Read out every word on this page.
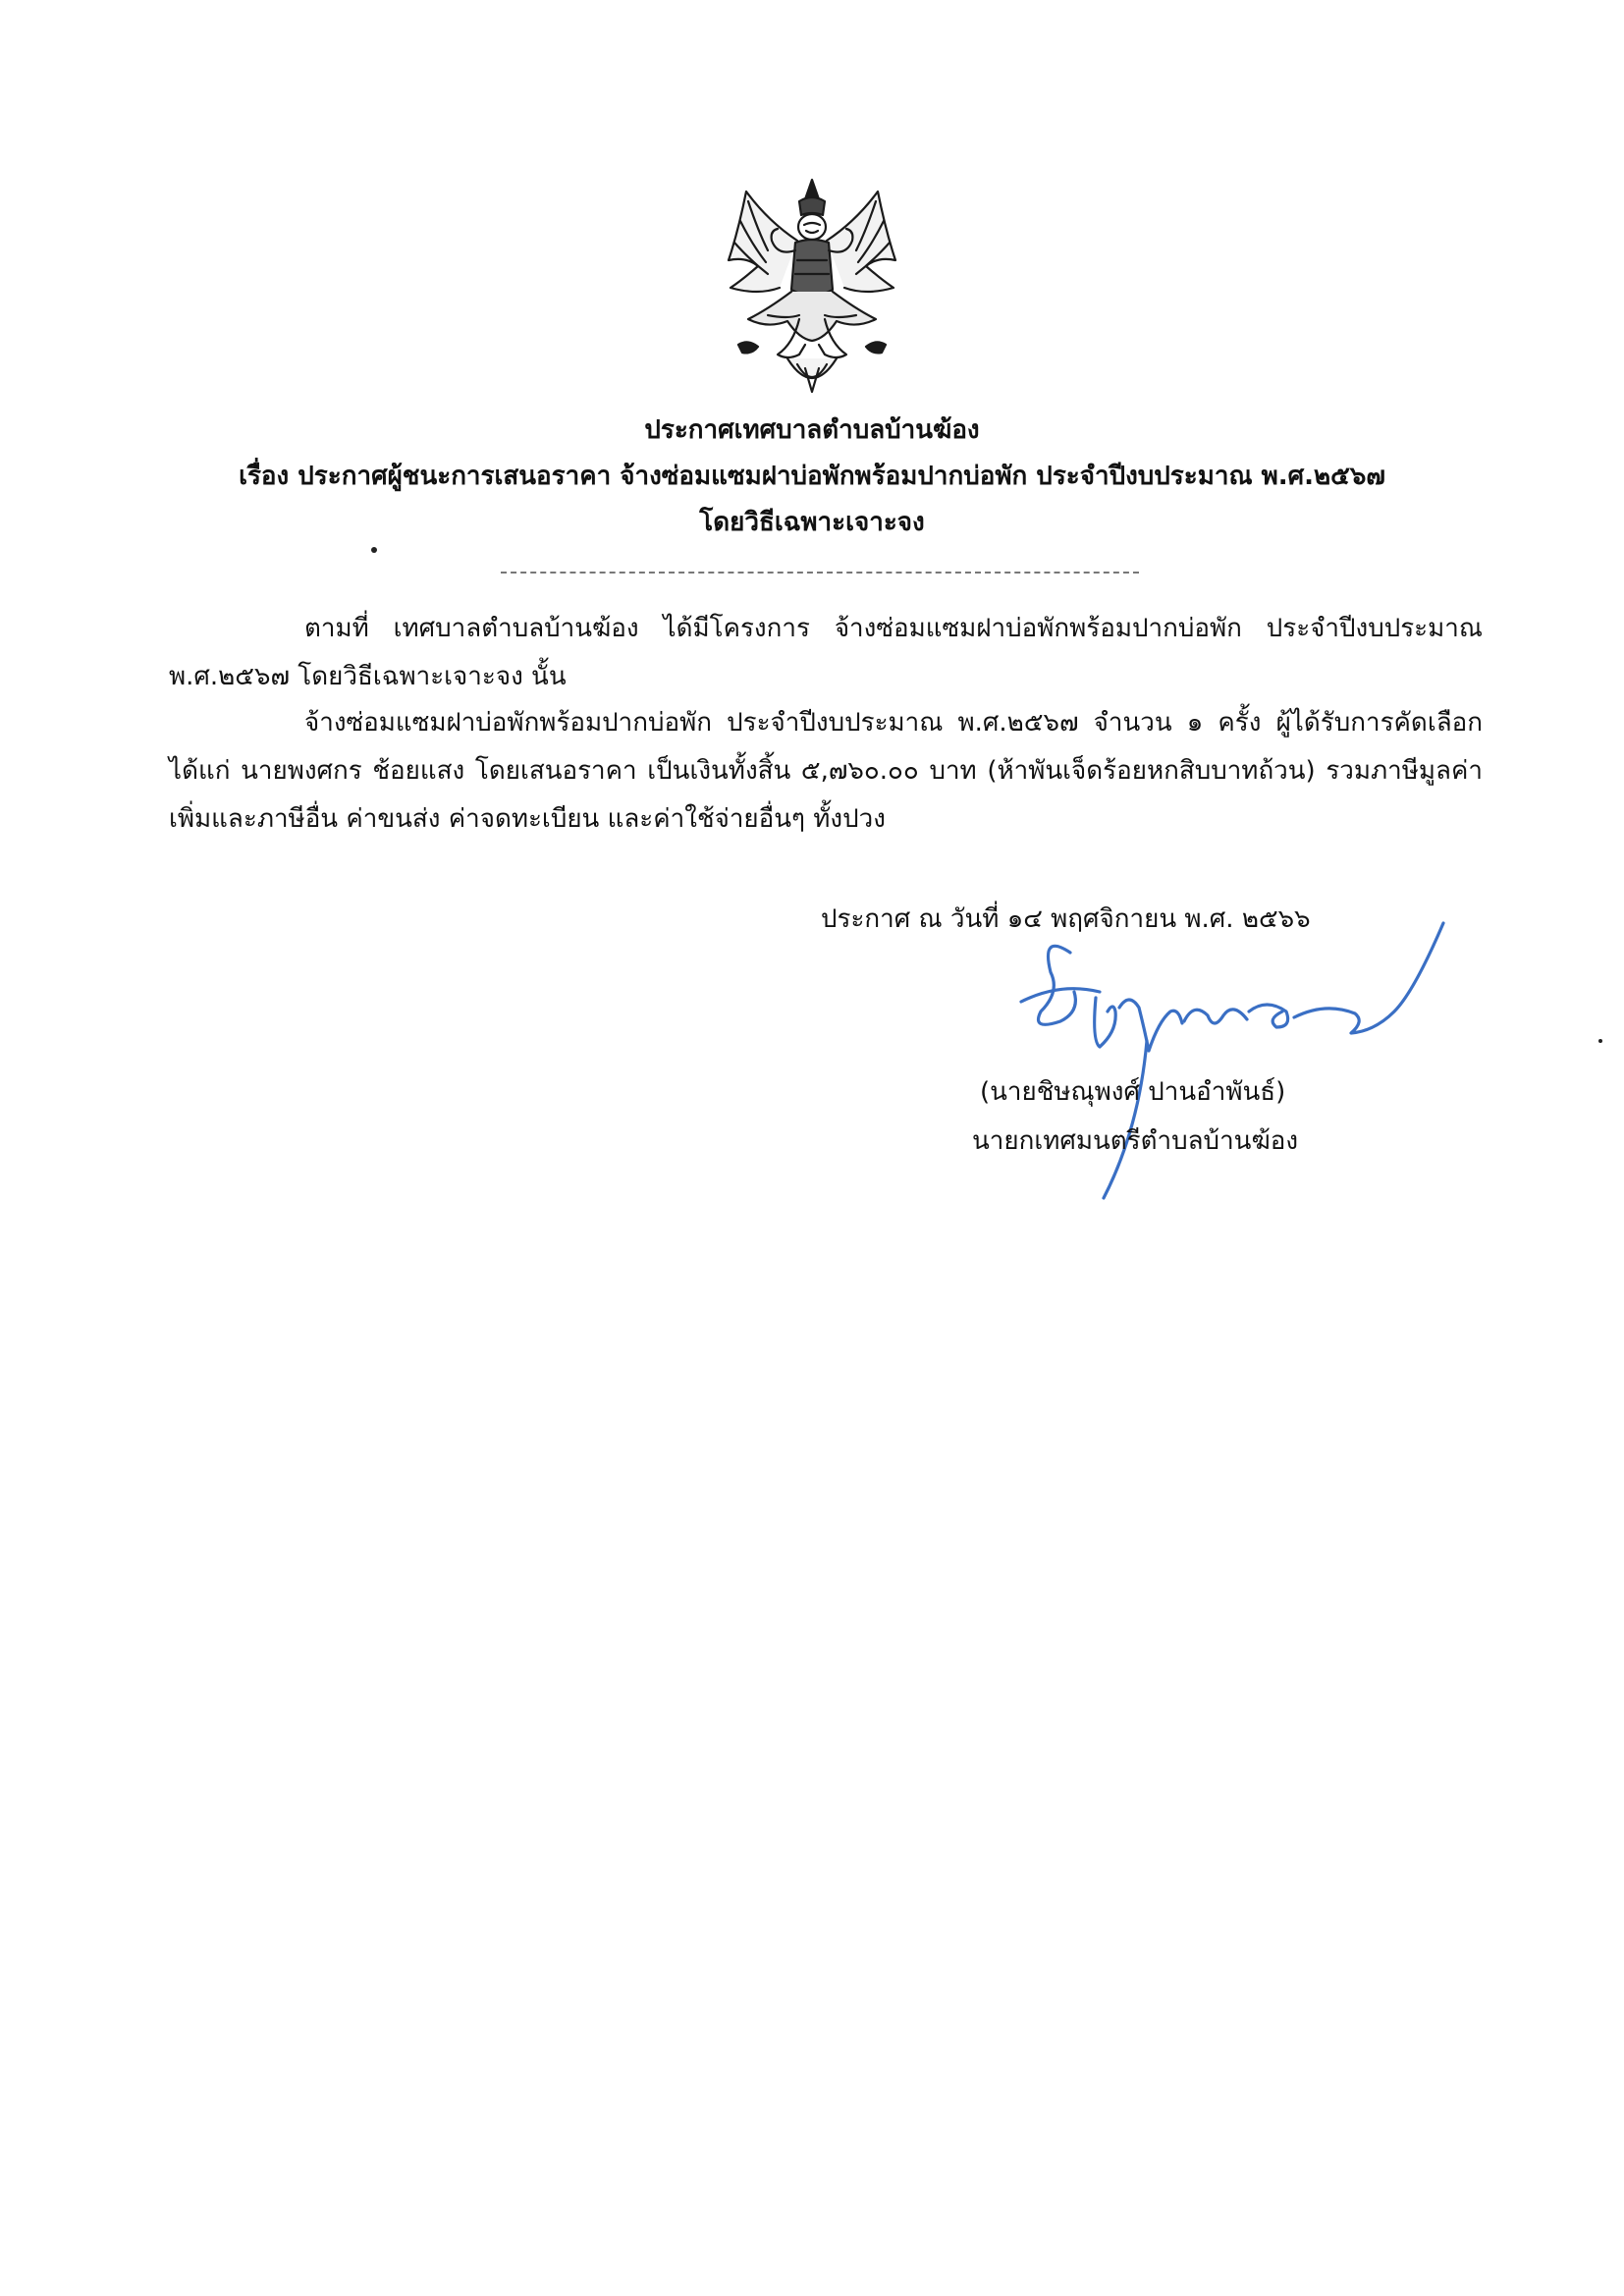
ประกาศเทศบาลตำบลบ้านฆ้อง
เรื่อง ประกาศผู้ชนะการเสนอราคา จ้างซ่อมแซมฝาบ่อพักพร้อมปากบ่อพัก ประจำปีงบประมาณ พ.ศ.๒๕๖๗
โดยวิธีเฉพาะเจาะจง
ตามที่ เทศบาลตำบลบ้านฆ้อง ได้มีโครงการ จ้างซ่อมแซมฝาบ่อพักพร้อมปากบ่อพัก ประจำปีงบประมาณ พ.ศ.๒๕๖๗ โดยวิธีเฉพาะเจาะจง นั้น
จ้างซ่อมแซมฝาบ่อพักพร้อมปากบ่อพัก ประจำปีงบประมาณ พ.ศ.๒๕๖๗ จำนวน ๑ ครั้ง ผู้ได้รับการคัดเลือก ได้แก่ นายพงศกร ช้อยแสง โดยเสนอราคา เป็นเงินทั้งสิ้น ๕,๗๖๐.๐๐ บาท (ห้าพันเจ็ดร้อยหกสิบบาทถ้วน) รวมภาษีมูลค่าเพิ่มและภาษีอื่น ค่าขนส่ง ค่าจดทะเบียน และค่าใช้จ่ายอื่นๆ ทั้งปวง
ประกาศ ณ วันที่ ๑๔ พฤศจิกายน พ.ศ. ๒๕๖๖
(นายชิษณุพงศ์ ปานอำพันธ์)
นายกเทศมนตรีตำบลบ้านฆ้อง
